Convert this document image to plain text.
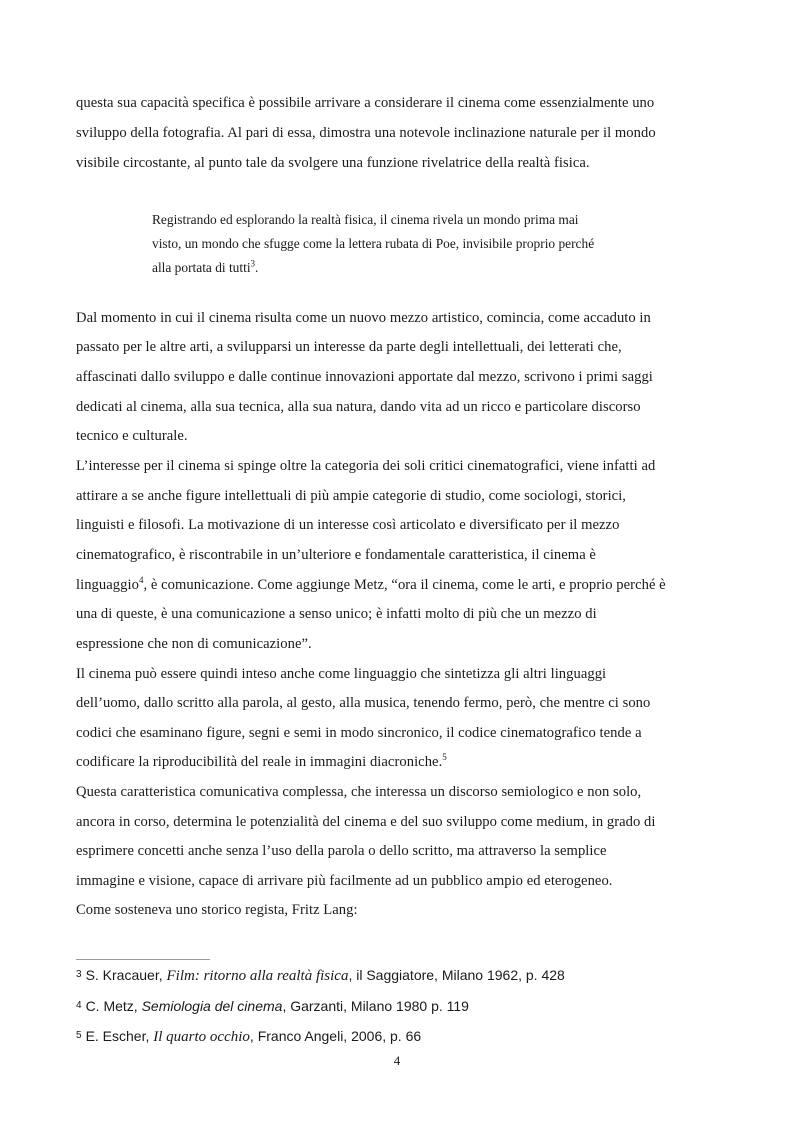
questa sua capacità specifica è possibile arrivare a considerare il cinema come essenzialmente uno
sviluppo della fotografia. Al pari di essa, dimostra una notevole inclinazione naturale per il mondo
visibile circostante, al punto tale da svolgere una funzione rivelatrice della realtà fisica.
Registrando ed esplorando la realtà fisica, il cinema rivela un mondo prima mai
visto, un mondo che sfugge come la lettera rubata di Poe, invisibile proprio perché
alla portata di tutti$^3$.
Dal momento in cui il cinema risulta come un nuovo mezzo artistico, comincia, come accaduto in
passato per le altre arti, a svilupparsi un interesse da parte degli intellettuali, dei letterati che,
affascinati dallo sviluppo e dalle continue innovazioni apportate dal mezzo, scrivono i primi saggi
dedicati al cinema, alla sua tecnica, alla sua natura, dando vita ad un ricco e particolare discorso
tecnico e culturale.
L’interesse per il cinema si spinge oltre la categoria dei soli critici cinematografici, viene infatti ad
attirare a se anche figure intellettuali di più ampie categorie di studio, come sociologi, storici,
linguisti e filosofi. La motivazione di un interesse così articolato e diversificato per il mezzo
cinematografico, è riscontrabile in un’ulteriore e fondamentale caratteristica, il cinema è
linguaggio$^4$, è comunicazione. Come aggiunge Metz, “ora il cinema, come le arti, e proprio perché è
una di queste, è una comunicazione a senso unico; è infatti molto di più che un mezzo di
espressione che non di comunicazione”.
Il cinema può essere quindi inteso anche come linguaggio che sintetizza gli altri linguaggi
dell’uomo, dallo scritto alla parola, al gesto, alla musica, tenendo fermo, però, che mentre ci sono
codici che esaminano figure, segni e semi in modo sincronico, il codice cinematografico tende a
codificare la riproducibilità del reale in immagini diacroniche.$^5$
Questa caratteristica comunicativa complessa, che interessa un discorso semiologico e non solo,
ancora in corso, determina le potenzialità del cinema e del suo sviluppo come medium, in grado di
esprimere concetti anche senza l’uso della parola o dello scritto, ma attraverso la semplice
immagine e visione, capace di arrivare più facilmente ad un pubblico ampio ed eterogeneo.
Come sosteneva uno storico regista, Fritz Lang:
$^3$ S. Kracauer, Film: ritorno alla realtà fisica, il Saggiatore, Milano 1962, p. 428
$^4$ C. Metz, Semiologia del cinema, Garzanti, Milano 1980 p. 119
$^5$ E. Escher, Il quarto occhio, Franco Angeli, 2006, p. 66
4
